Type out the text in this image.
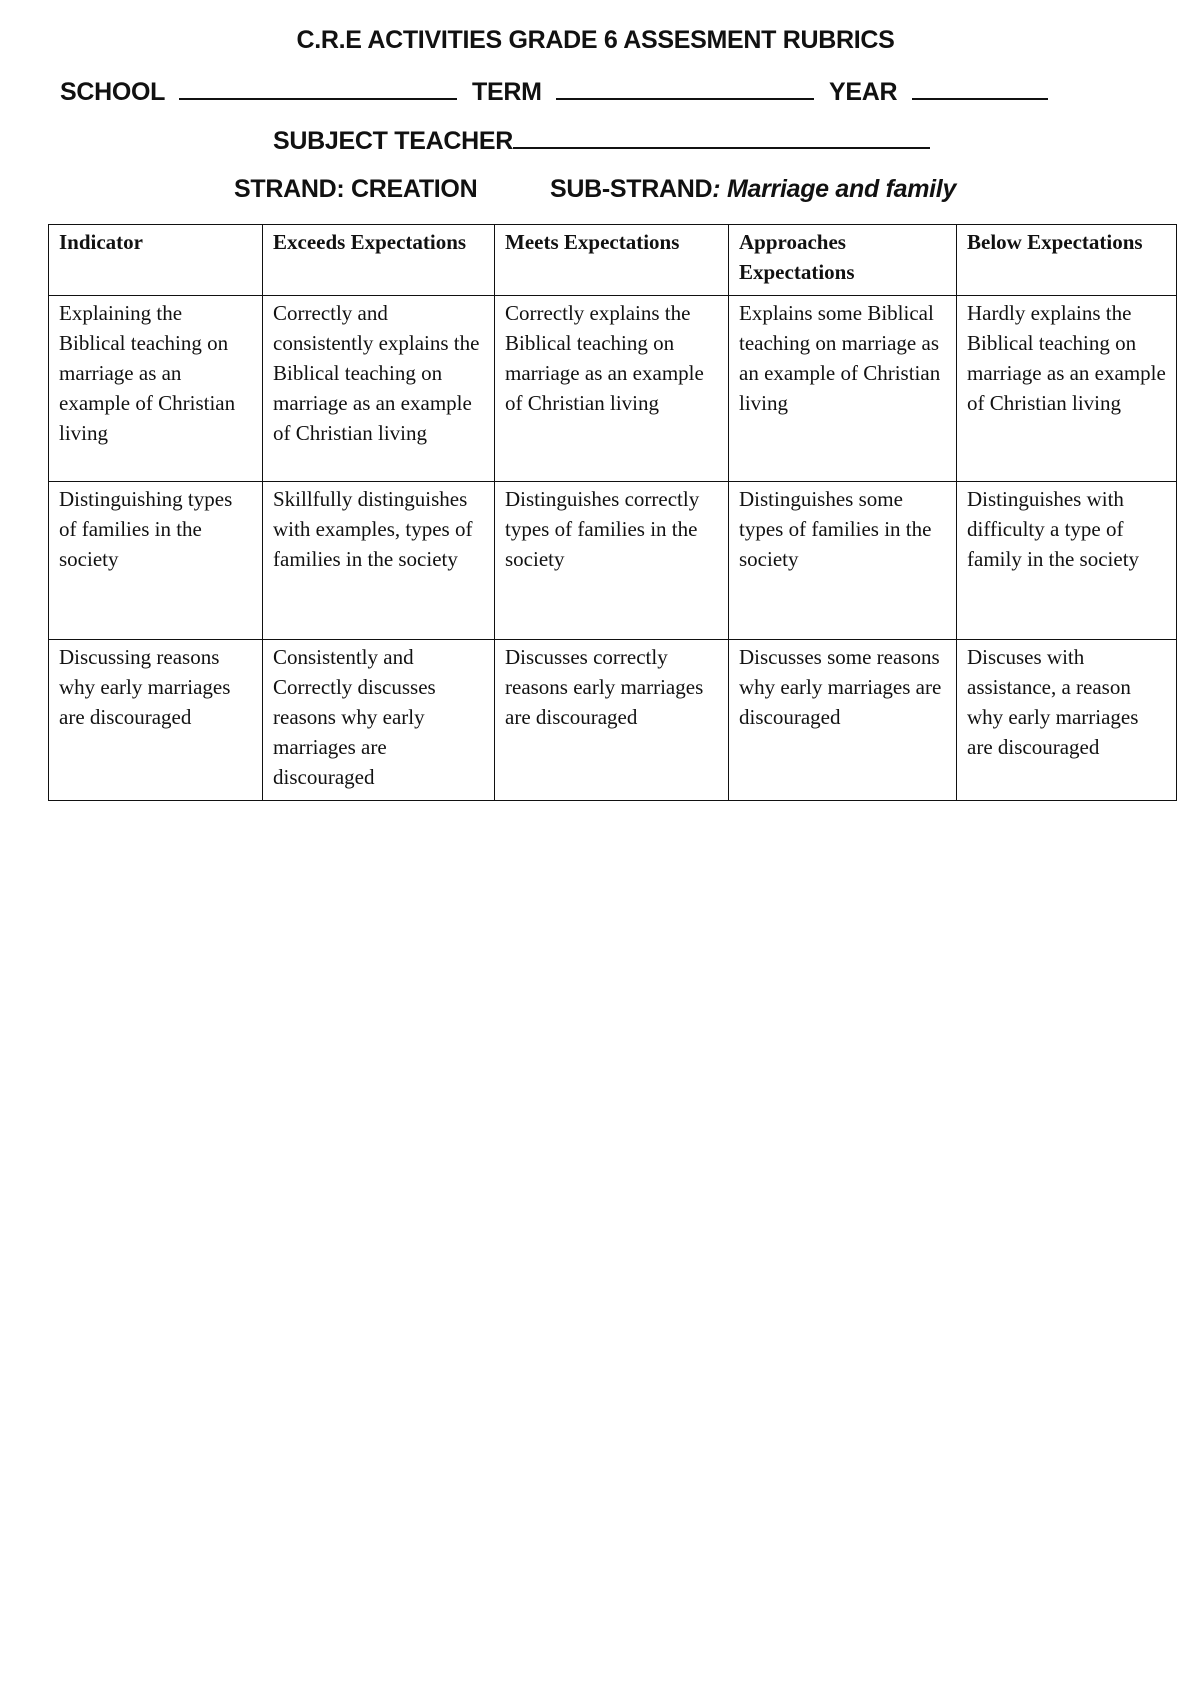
C.R.E ACTIVITIES GRADE 6 ASSESMENT RUBRICS
SCHOOL	TERM	YEAR
SUBJECT TEACHER
STRAND: CREATION	SUB-STRAND: Marriage and family
Indicator	Exceeds Expectations	Meets Expectations	Approaches Expectations	Below Expectations
Explaining the Biblical teaching on marriage as an example of Christian living	Correctly and consistently explains the Biblical teaching on marriage as an example of Christian living	Correctly explains the Biblical teaching on marriage as an example of Christian living	Explains some Biblical teaching on marriage as an example of Christian living	Hardly explains the Biblical teaching on marriage as an example of Christian living
Distinguishing types of families in the society	Skillfully distinguishes with examples, types of families in the society	Distinguishes correctly types of families in the society	Distinguishes some types of families in the society	Distinguishes with difficulty a type of family in the society
Discussing reasons why early marriages are discouraged	Consistently and Correctly discusses reasons why early marriages are discouraged	Discusses correctly reasons early marriages are discouraged	Discusses some reasons why early marriages are discouraged	Discuses with assistance, a reason why early marriages are discouraged
